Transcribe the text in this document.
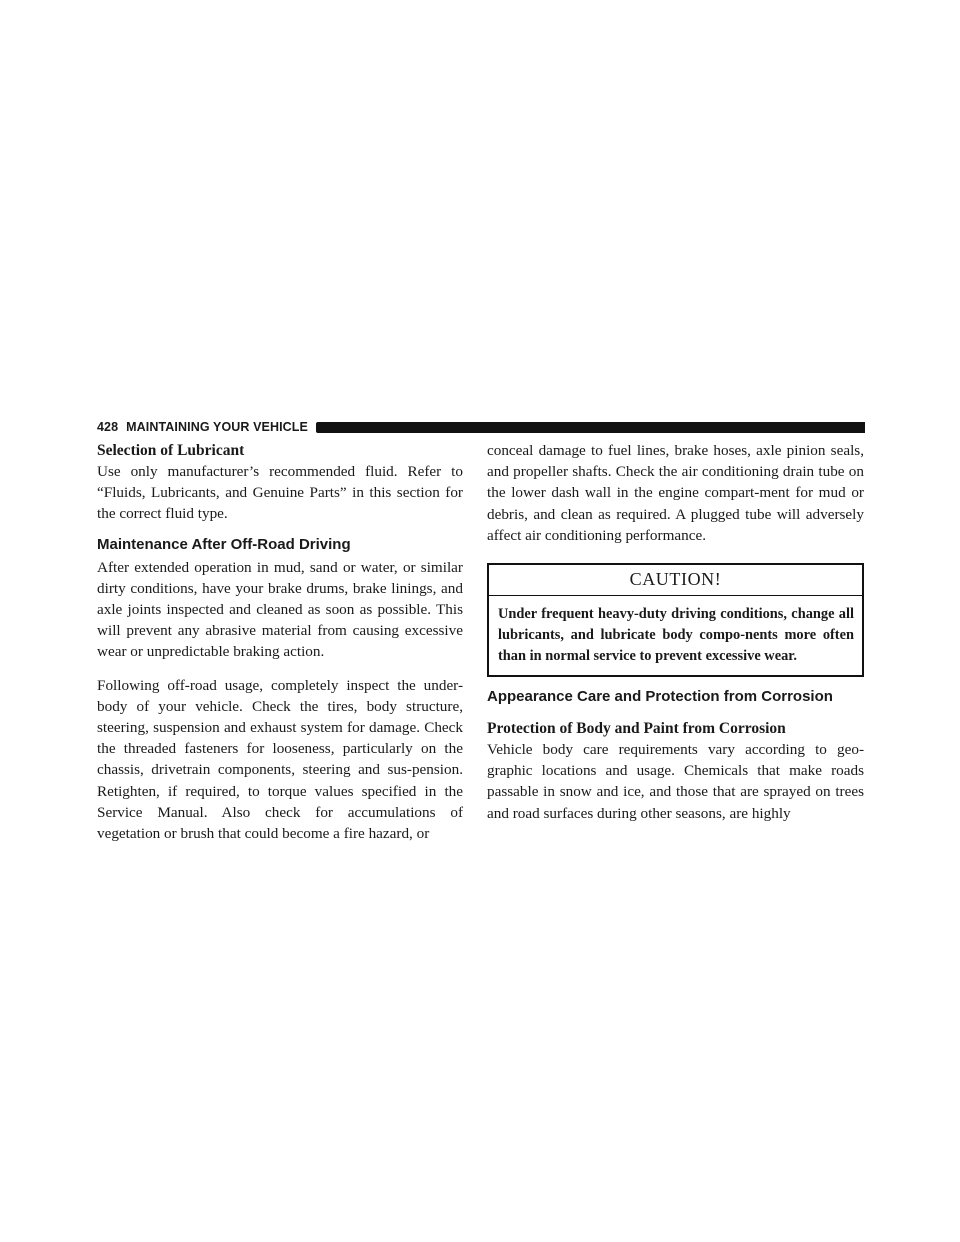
428 MAINTAINING YOUR VEHICLE
Selection of Lubricant

Use only manufacturer’s recommended fluid. Refer to “Fluids, Lubricants, and Genuine Parts” in this section for the correct fluid type.

Maintenance After Off-Road Driving

After extended operation in mud, sand or water, or similar dirty conditions, have your brake drums, brake linings, and axle joints inspected and cleaned as soon as possible. This will prevent any abrasive material from causing excessive wear or unpredictable braking action.

Following off-road usage, completely inspect the under-body of your vehicle. Check the tires, body structure, steering, suspension and exhaust system for damage. Check the threaded fasteners for looseness, particularly on the chassis, drivetrain components, steering and sus-pension. Retighten, if required, to torque values specified in the Service Manual. Also check for accumulations of vegetation or brush that could become a fire hazard, or

conceal damage to fuel lines, brake hoses, axle pinion seals, and propeller shafts. Check the air conditioning drain tube on the lower dash wall in the engine compart-ment for mud or debris, and clean as required. A plugged tube will adversely affect air conditioning performance.

CAUTION!
Under frequent heavy-duty driving conditions, change all lubricants, and lubricate body compo-nents more often than in normal service to prevent excessive wear.
Appearance Care and Protection from Corrosion
Protection of Body and Paint from Corrosion

Vehicle body care requirements vary according to geo-graphic locations and usage. Chemicals that make roads passable in snow and ice, and those that are sprayed on trees and road surfaces during other seasons, are highly
